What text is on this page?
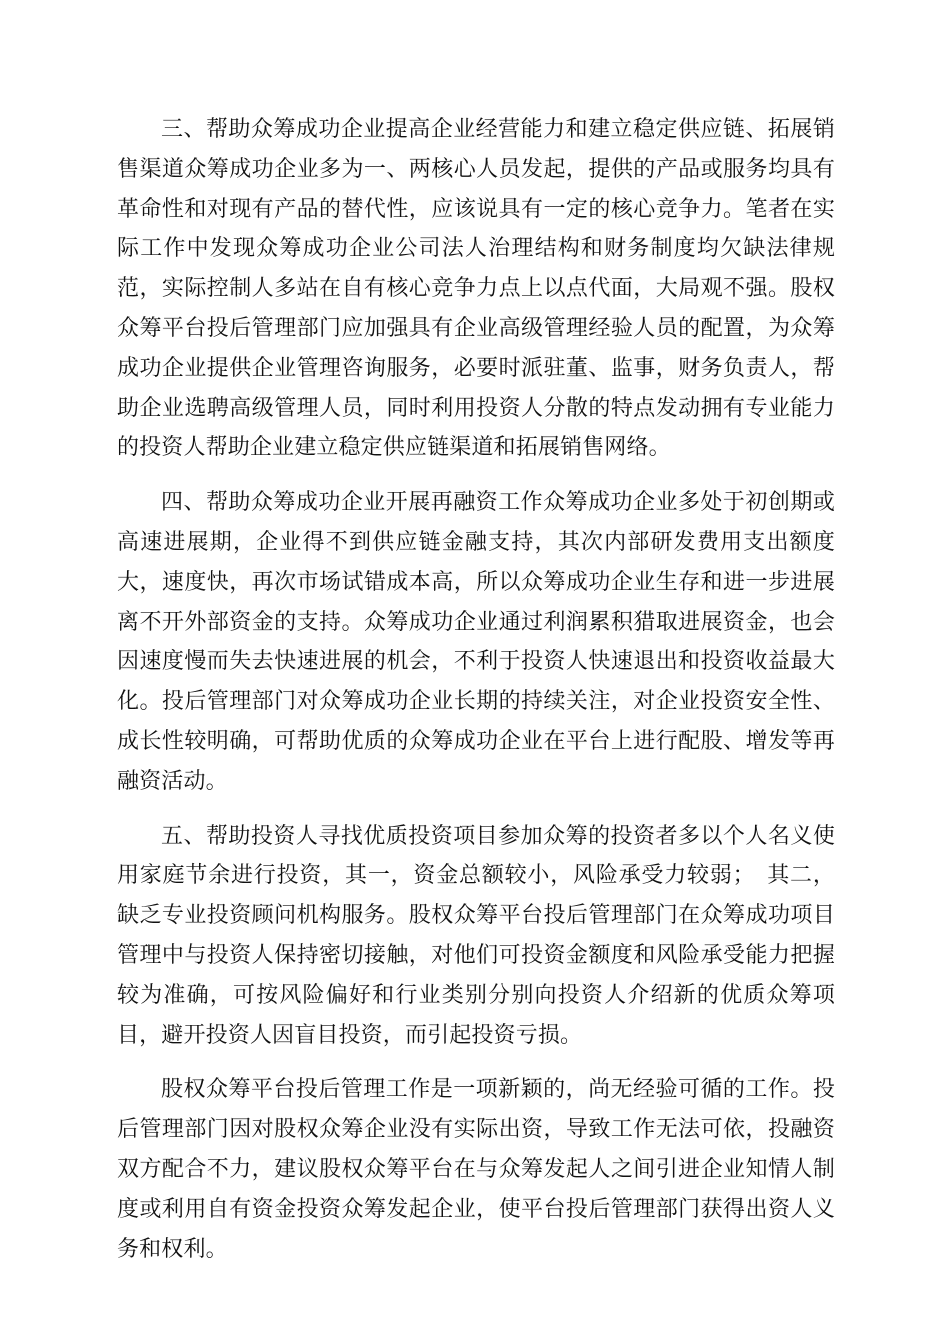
三、帮助众筹成功企业提高企业经营能力和建立稳定供应链、拓展销售渠道众筹成功企业多为一、两核心人员发起，提供的产品或服务均具有革命性和对现有产品的替代性，应该说具有一定的核心竞争力。笔者在实际工作中发现众筹成功企业公司法人治理结构和财务制度均欠缺法律规范，实际控制人多站在自有核心竞争力点上以点代面，大局观不强。股权众筹平台投后管理部门应加强具有企业高级管理经验人员的配置，为众筹成功企业提供企业管理咨询服务，必要时派驻董、监事，财务负责人，帮助企业选聘高级管理人员，同时利用投资人分散的特点发动拥有专业能力的投资人帮助企业建立稳定供应链渠道和拓展销售网络。

四、帮助众筹成功企业开展再融资工作众筹成功企业多处于初创期或高速进展期，企业得不到供应链金融支持，其次内部研发费用支出额度大，速度快，再次市场试错成本高，所以众筹成功企业生存和进一步进展离不开外部资金的支持。众筹成功企业通过利润累积猎取进展资金，也会因速度慢而失去快速进展的机会，不利于投资人快速退出和投资收益最大化。投后管理部门对众筹成功企业长期的持续关注，对企业投资安全性、成长性较明确，可帮助优质的众筹成功企业在平台上进行配股、增发等再融资活动。

五、帮助投资人寻找优质投资项目参加众筹的投资者多以个人名义使用家庭节余进行投资，其一，资金总额较小，风险承受力较弱；　其二，缺乏专业投资顾问机构服务。股权众筹平台投后管理部门在众筹成功项目管理中与投资人保持密切接触，对他们可投资金额度和风险承受能力把握较为准确，可按风险偏好和行业类别分别向投资人介绍新的优质众筹项目，避开投资人因盲目投资，而引起投资亏损。

股权众筹平台投后管理工作是一项新颖的，尚无经验可循的工作。投后管理部门因对股权众筹企业没有实际出资，导致工作无法可依，投融资双方配合不力，建议股权众筹平台在与众筹发起人之间引进企业知情人制度或利用自有资金投资众筹发起企业，使平台投后管理部门获得出资人义务和权利。
